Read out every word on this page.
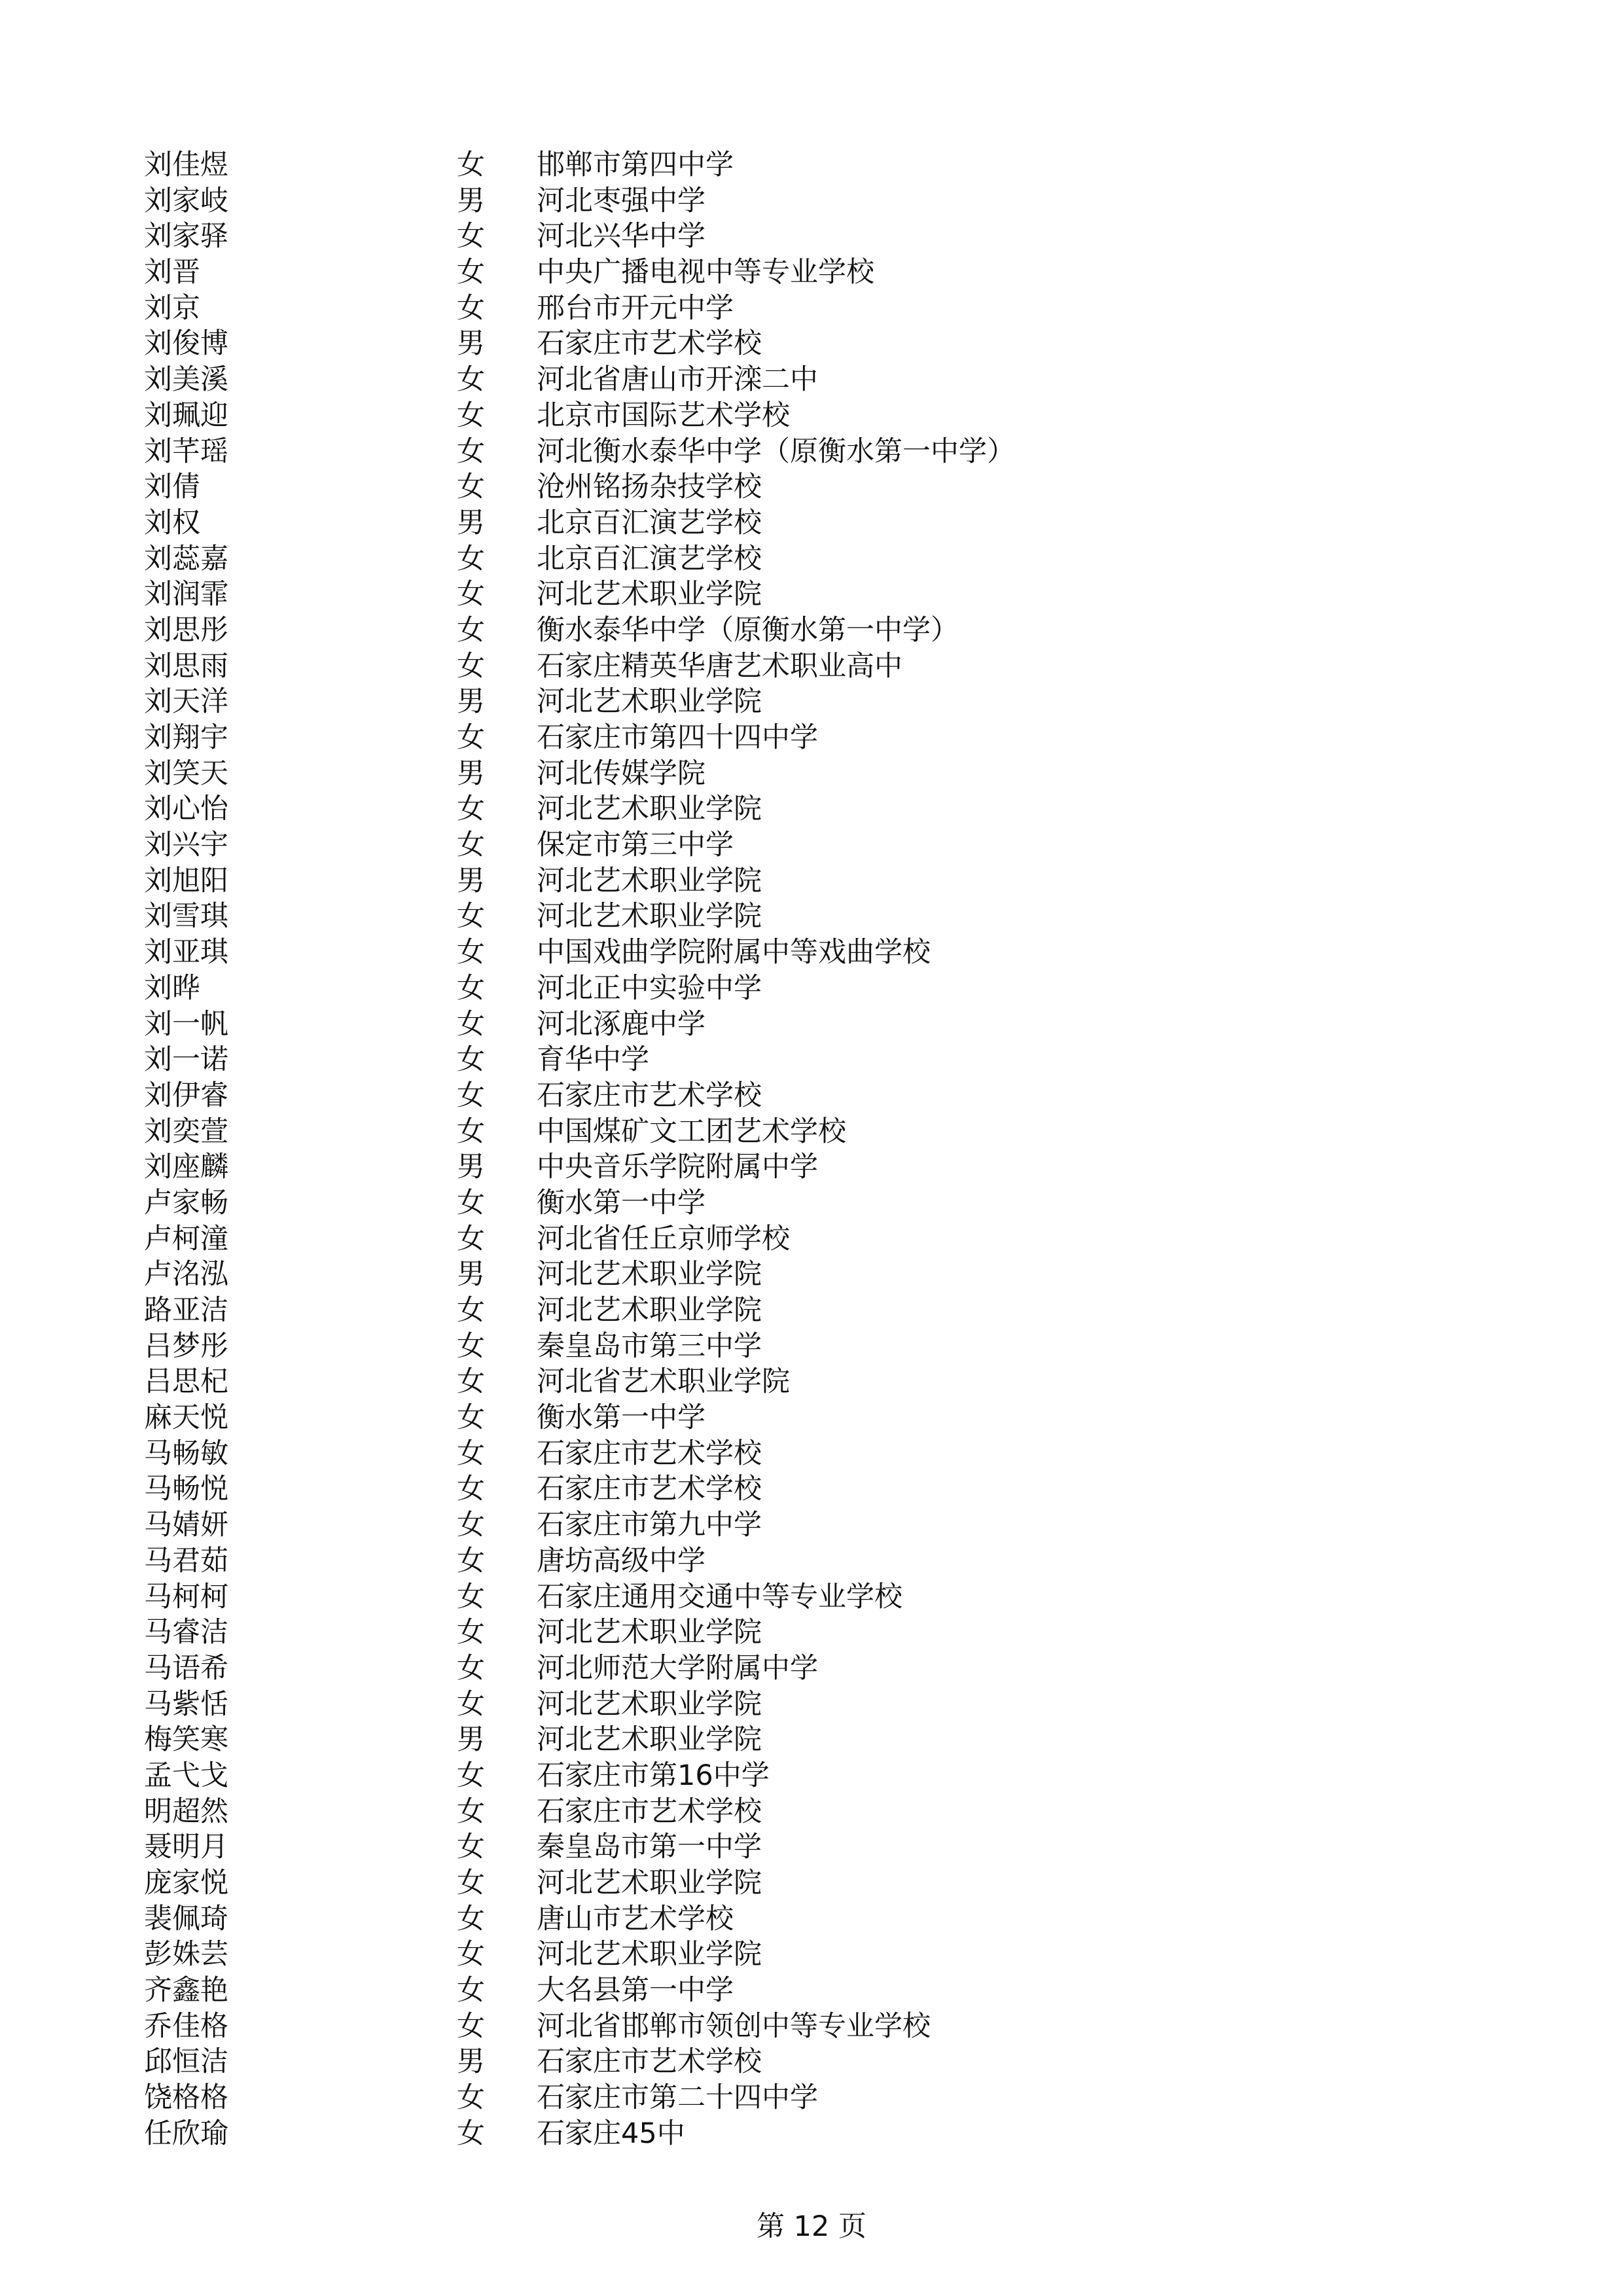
刘佳煜	女 邯郸市第四中学
刘家岐	男 河北枣强中学
刘家驿	女 河北兴华中学
刘晋	女 中央广播电视中等专业学校
刘京	女 邢台市开元中学
刘俊博	男 石家庄市艺术学校
刘美溪	女 河北省唐山市开滦二中
刘珮迎	女 北京市国际艺术学校
刘芊瑶	女 河北衡水泰华中学（原衡水第一中学）
刘倩	女 沧州铭扬杂技学校
刘权	男 北京百汇演艺学校
刘蕊嘉	女 北京百汇演艺学校
刘润霏	女 河北艺术职业学院
刘思彤	女 衡水泰华中学（原衡水第一中学）
刘思雨	女 石家庄精英华唐艺术职业高中
刘天洋	男 河北艺术职业学院
刘翔宇	女 石家庄市第四十四中学
刘笑天	男 河北传媒学院
刘心怡	女 河北艺术职业学院
刘兴宇	女 保定市第三中学
刘旭阳	男 河北艺术职业学院
刘雪琪	女 河北艺术职业学院
刘亚琪	女 中国戏曲学院附属中等戏曲学校
刘晔	女 河北正中实验中学
刘一帆	女 河北涿鹿中学
刘一诺	女 育华中学
刘伊睿	女 石家庄市艺术学校
刘奕萱	女 中国煤矿文工团艺术学校
刘座麟	男 中央音乐学院附属中学
卢家畅	女 衡水第一中学
卢柯潼	女 河北省任丘京师学校
卢洺泓	男 河北艺术职业学院
路亚洁	女 河北艺术职业学院
吕梦彤	女 秦皇岛市第三中学
吕思杞	女 河北省艺术职业学院
麻天悦	女 衡水第一中学
马畅敏	女 石家庄市艺术学校
马畅悦	女 石家庄市艺术学校
马婧妍	女 石家庄市第九中学
马君茹	女 唐坊高级中学
马柯柯	女 石家庄通用交通中等专业学校
马睿洁	女 河北艺术职业学院
马语希	女 河北师范大学附属中学
马紫恬	女 河北艺术职业学院
梅笑寒	男 河北艺术职业学院
孟弋戈	女 石家庄市第16中学
明超然	女 石家庄市艺术学校
聂明月	女 秦皇岛市第一中学
庞家悦	女 河北艺术职业学院
裴佩琦	女 唐山市艺术学校
彭姝芸	女 河北艺术职业学院
齐鑫艳	女 大名县第一中学
乔佳格	女 河北省邯郸市领创中等专业学校
邱恒洁	男 石家庄市艺术学校
饶格格	女 石家庄市第二十四中学
任欣瑜	女 石家庄45中
第 12 页
